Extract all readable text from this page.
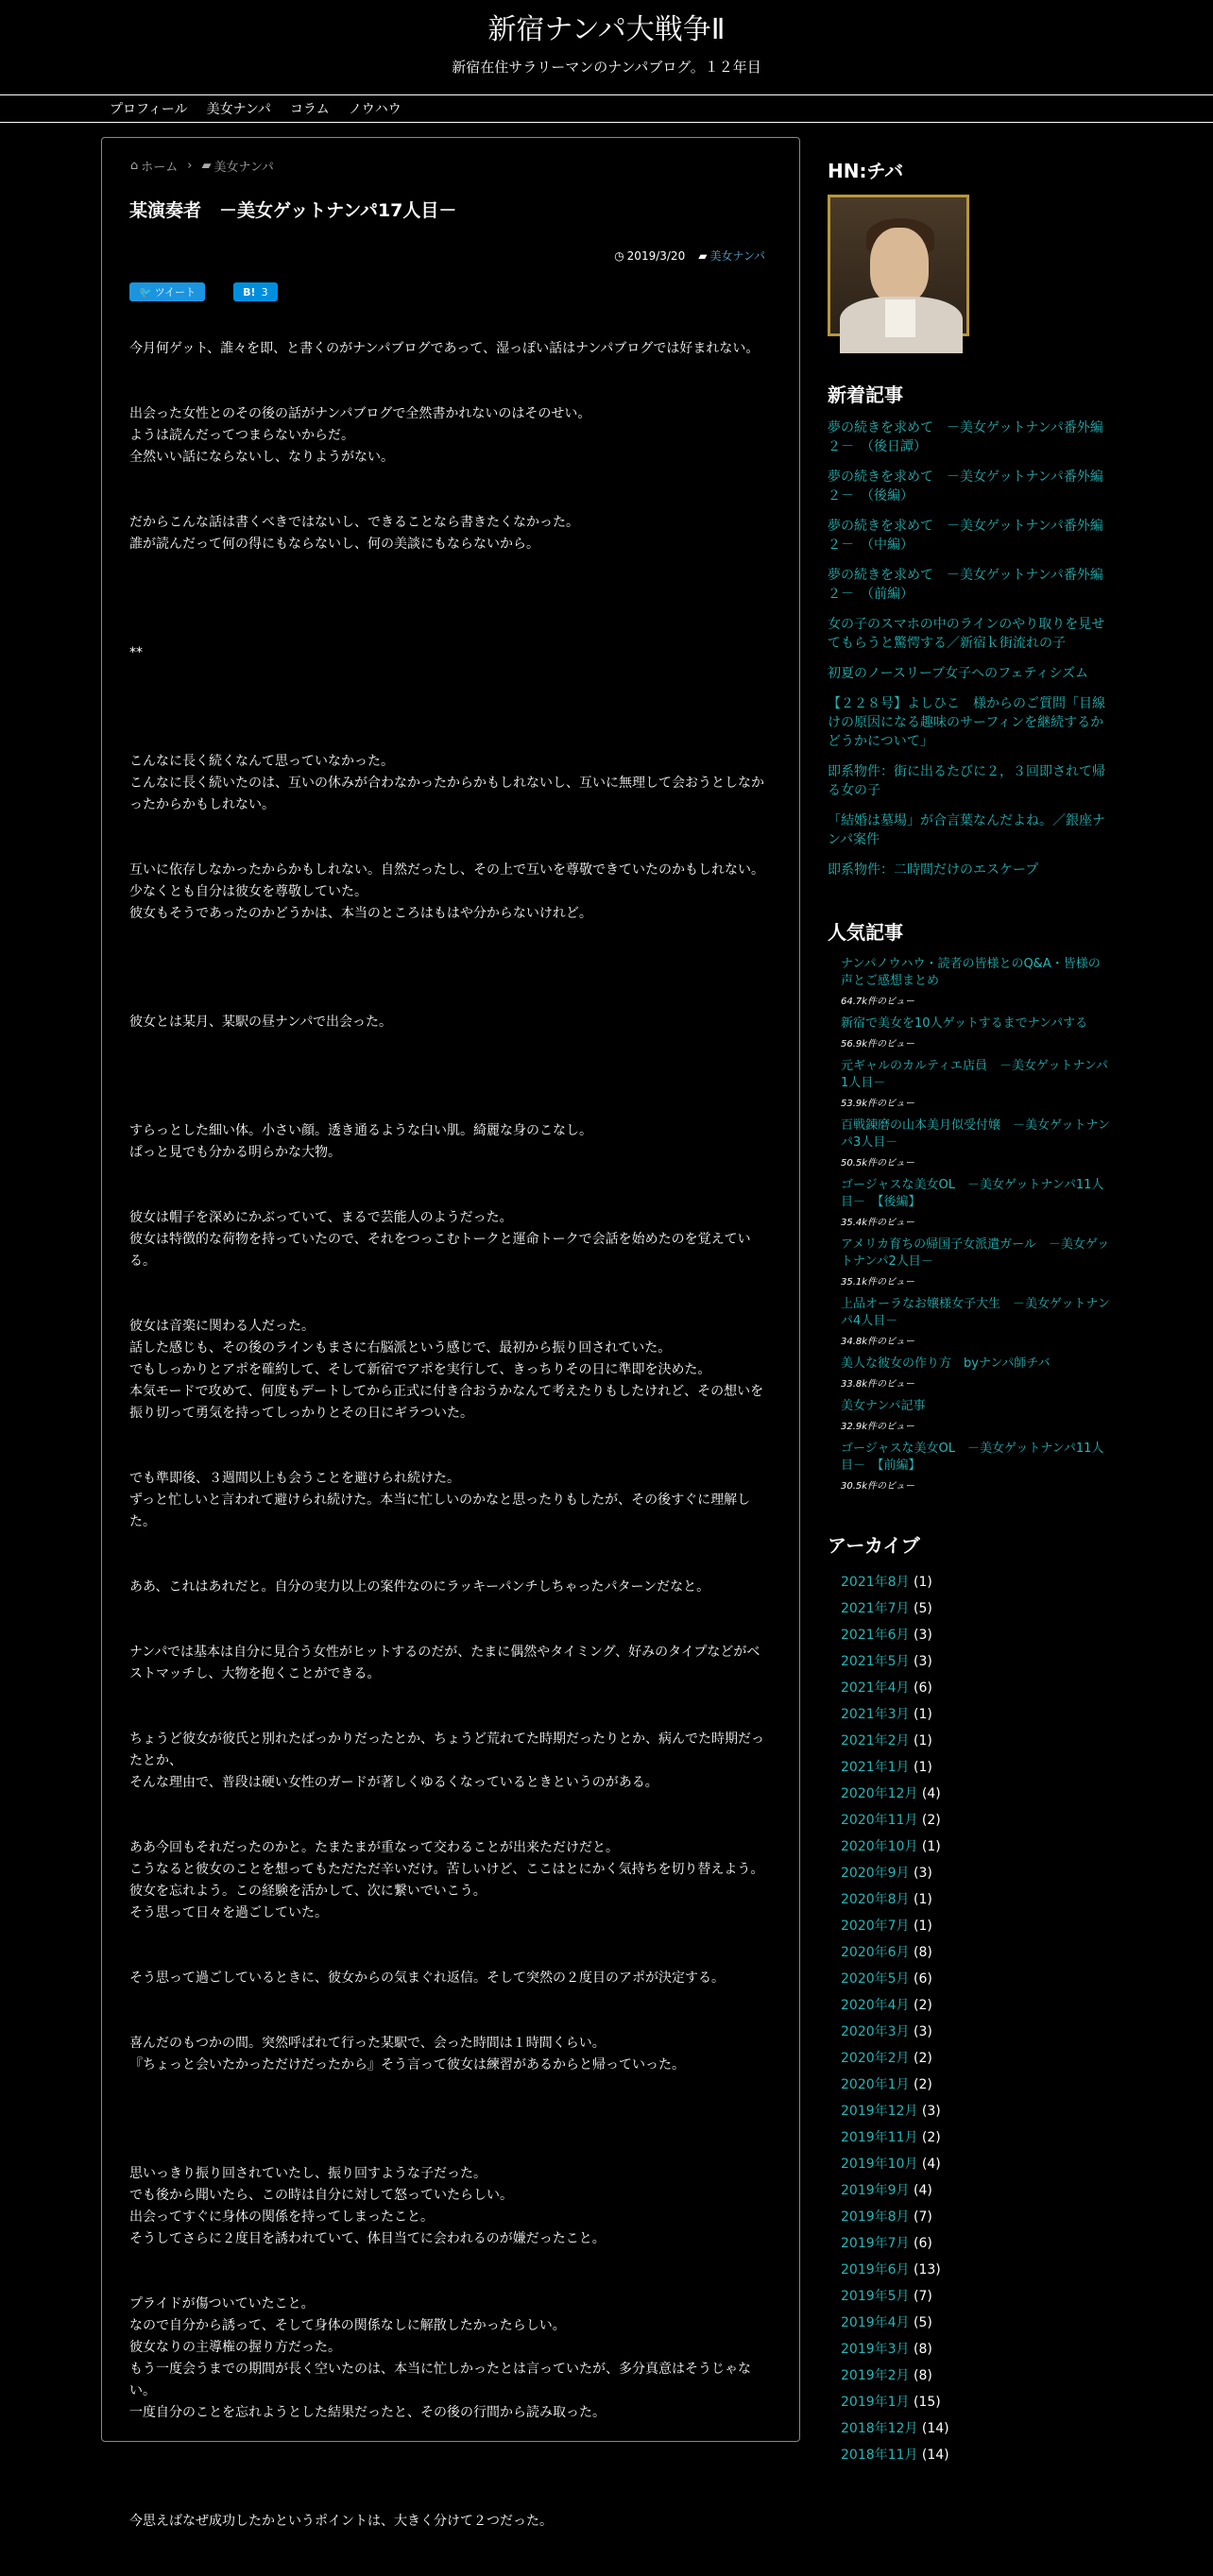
新宿ナンパ大戦争Ⅱ
新宿在住サラリーマンのナンパブログ。１２年目
プロフィール 美女ナンパ コラム ノウハウ
⌂ ホーム › ▰ 美女ナンパ
某演奏者　－美女ゲットナンパ17人目－
◷ 2019/3/20 ▰ 美女ナンパ
🐦 ツイート	B! 3

今月何ゲット、誰々を即、と書くのがナンパブログであって、湿っぽい話はナンパブログでは好まれない。

出会った女性とのその後の話がナンパブログで全然書かれないのはそのせい。
ようは読んだってつまらないからだ。
全然いい話にならないし、なりようがない。

だからこんな話は書くべきではないし、できることなら書きたくなかった。
誰が読んだって何の得にもならないし、何の美談にもならないから。

**

こんなに長く続くなんて思っていなかった。
こんなに長く続いたのは、互いの休みが合わなかったからかもしれないし、互いに無理して会おうとしなかったからかもしれない。

互いに依存しなかったからかもしれない。自然だったし、その上で互いを尊敬できていたのかもしれない。
少なくとも自分は彼女を尊敬していた。
彼女もそうであったのかどうかは、本当のところはもはや分からないけれど。

彼女とは某月、某駅の昼ナンパで出会った。

すらっとした細い体。小さい顔。透き通るような白い肌。綺麗な身のこなし。
ぱっと見でも分かる明らかな大物。

彼女は帽子を深めにかぶっていて、まるで芸能人のようだった。
彼女は特徴的な荷物を持っていたので、それをつっこむトークと運命トークで会話を始めたのを覚えている。

彼女は音楽に関わる人だった。
話した感じも、その後のラインもまさに右脳派という感じで、最初から振り回されていた。
でもしっかりとアポを確約して、そして新宿でアポを実行して、きっちりその日に準即を決めた。
本気モードで攻めて、何度もデートしてから正式に付き合おうかなんて考えたりもしたけれど、その想いを振り切って勇気を持ってしっかりとその日にギラついた。

でも準即後、３週間以上も会うことを避けられ続けた。
ずっと忙しいと言われて避けられ続けた。本当に忙しいのかなと思ったりもしたが、その後すぐに理解した。

ああ、これはあれだと。自分の実力以上の案件なのにラッキーパンチしちゃったパターンだなと。

ナンパでは基本は自分に見合う女性がヒットするのだが、たまに偶然やタイミング、好みのタイプなどがベストマッチし、大物を抱くことができる。

ちょうど彼女が彼氏と別れたばっかりだったとか、ちょうど荒れてた時期だったりとか、病んでた時期だったとか、
そんな理由で、普段は硬い女性のガードが著しくゆるくなっているときというのがある。

ああ今回もそれだったのかと。たまたまが重なって交わることが出来ただけだと。
こうなると彼女のことを想ってもただただ辛いだけ。苦しいけど、ここはとにかく気持ちを切り替えよう。
彼女を忘れよう。この経験を活かして、次に繋いでいこう。
そう思って日々を過ごしていた。

そう思って過ごしているときに、彼女からの気まぐれ返信。そして突然の２度目のアポが決定する。

喜んだのもつかの間。突然呼ばれて行った某駅で、会った時間は１時間くらい。
『ちょっと会いたかっただけだったから』そう言って彼女は練習があるからと帰っていった。

思いっきり振り回されていたし、振り回すような子だった。
でも後から聞いたら、この時は自分に対して怒っていたらしい。
出会ってすぐに身体の関係を持ってしまったこと。
そうしてさらに２度目を誘われていて、体目当てに会われるのが嫌だったこと。

プライドが傷ついていたこと。
なので自分から誘って、そして身体の関係なしに解散したかったらしい。
彼女なりの主導権の握り方だった。
もう一度会うまでの期間が長く空いたのは、本当に忙しかったとは言っていたが、多分真意はそうじゃない。
一度自分のことを忘れようとした結果だったと、その後の行間から読み取った。

今思えばなぜ成功したかというポイントは、大きく分けて２つだった。

HN:チバ
新着記事
夢の続きを求めて　－美女ゲットナンパ番外編２－　（後日譚）
夢の続きを求めて　－美女ゲットナンパ番外編２－　（後編）
夢の続きを求めて　－美女ゲットナンパ番外編２－　（中編）
夢の続きを求めて　－美女ゲットナンパ番外編２－　（前編）
女の子のスマホの中のラインのやり取りを見せてもらうと驚愕する／新宿ｋ街流れの子
初夏のノースリーブ女子へのフェティシズム
【２２８号】よしひこ　様からのご質問「目線けの原因になる趣味のサーフィンを継続するかどうかについて」
即系物件：街に出るたびに２，３回即されて帰る女の子
「結婚は墓場」が合言葉なんだよね。／銀座ナンパ案件
即系物件：二時間だけのエスケープ
人気記事
ナンパノウハウ・読者の皆様とのQ&A・皆様の声とご感想まとめ
64.7k件のビュー
新宿で美女を10人ゲットするまでナンパする
56.9k件のビュー
元ギャルのカルティエ店員　－美女ゲットナンパ1人目－
53.9k件のビュー
百戦錬磨の山本美月似受付嬢　－美女ゲットナンパ3人目－
50.5k件のビュー
ゴージャスな美女OL　－美女ゲットナンパ11人目－　【後編】
35.4k件のビュー
アメリカ育ちの帰国子女派遣ガール　－美女ゲットナンパ2人目－
35.1k件のビュー
上品オーラなお嬢様女子大生　－美女ゲットナンパ4人目－
34.8k件のビュー
美人な彼女の作り方　byナンパ師チバ
33.8k件のビュー
美女ナンパ記事
32.9k件のビュー
ゴージャスな美女OL　－美女ゲットナンパ11人目－　【前編】
30.5k件のビュー
アーカイブ
2021年8月 (1)
2021年7月 (5)
2021年6月 (3)
2021年5月 (3)
2021年4月 (6)
2021年3月 (1)
2021年2月 (1)
2021年1月 (1)
2020年12月 (4)
2020年11月 (2)
2020年10月 (1)
2020年9月 (3)
2020年8月 (1)
2020年7月 (1)
2020年6月 (8)
2020年5月 (6)
2020年4月 (2)
2020年3月 (3)
2020年2月 (2)
2020年1月 (2)
2019年12月 (3)
2019年11月 (2)
2019年10月 (4)
2019年9月 (4)
2019年8月 (7)
2019年7月 (6)
2019年6月 (13)
2019年5月 (7)
2019年4月 (5)
2019年3月 (8)
2019年2月 (8)
2019年1月 (15)
2018年12月 (14)
2018年11月 (14)
